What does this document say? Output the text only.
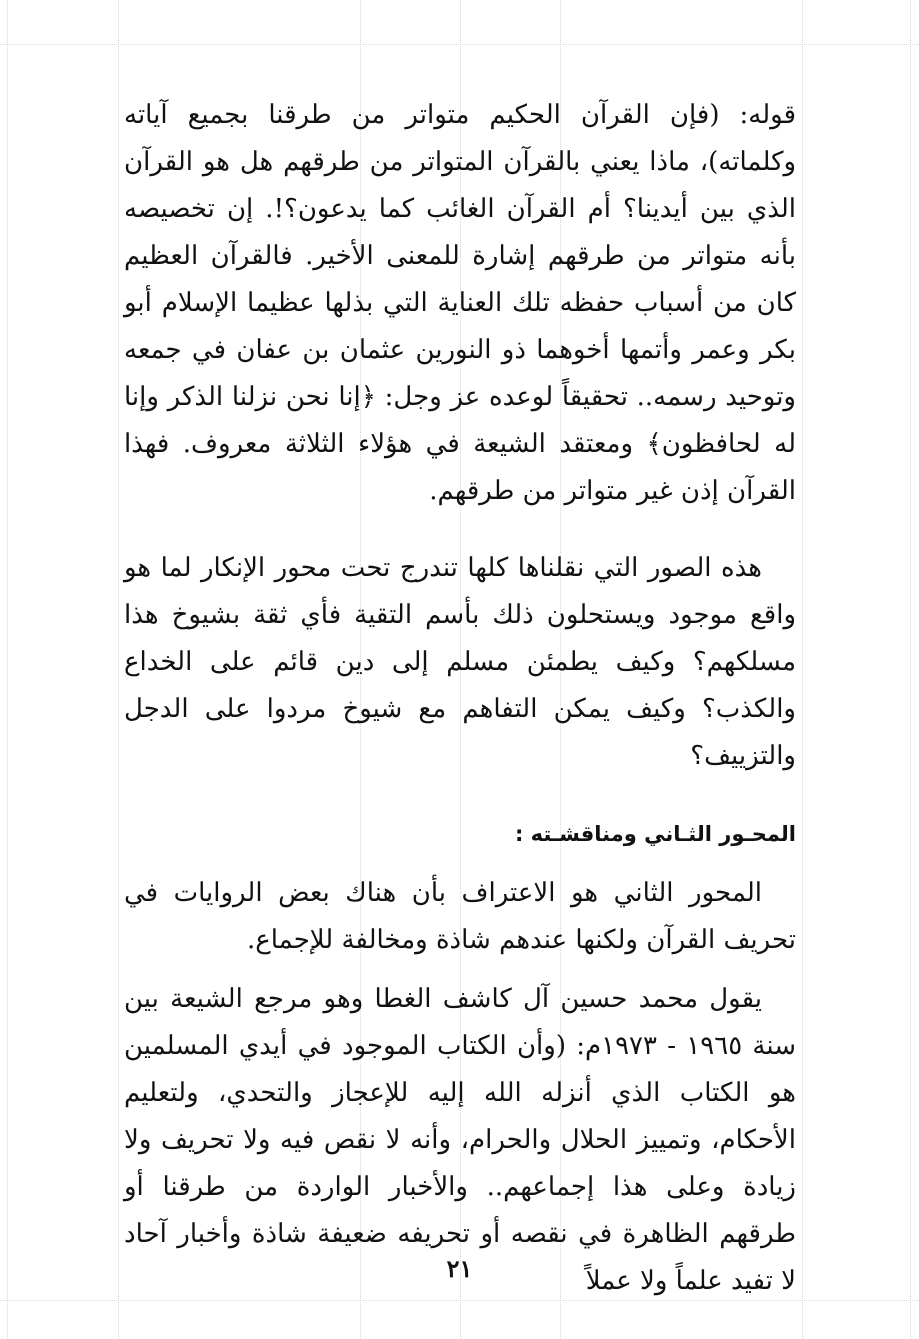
قوله: (فإن القرآن الحكيم متواتر من طرقنا بجميع آياته وكلماته)، ماذا يعني بالقرآن المتواتر من طرقهم هل هو القرآن الذي بين أيدينا؟ أم القرآن الغائب كما يدعون؟!. إن تخصيصه بأنه متواتر من طرقهم إشارة للمعنى الأخير. فالقرآن العظيم كان من أسباب حفظه تلك العناية التي بذلها عظيما الإسلام أبو بكر وعمر وأتمها أخوهما ذو النورين عثمان بن عفان في جمعه وتوحيد رسمه.. تحقيقاً لوعده عز وجل: ﴿إنا نحن نزلنا الذكر وإنا له لحافظون﴾ ومعتقد الشيعة في هؤلاء الثلاثة معروف. فهذا القرآن إذن غير متواتر من طرقهم.

هذه الصور التي نقلناها كلها تندرج تحت محور الإنكار لما هو واقع موجود ويستحلون ذلك بأسم التقية فأي ثقة بشيوخ هذا مسلكهم؟ وكيف يطمئن مسلم إلى دين قائم على الخداع والكذب؟ وكيف يمكن التفاهم مع شيوخ مردوا على الدجل والتزييف؟

المحـور الثـاني ومناقشـته :

المحور الثاني هو الاعتراف بأن هناك بعض الروايات في تحريف القرآن ولكنها عندهم شاذة ومخالفة للإجماع.

يقول محمد حسين آل كاشف الغطا وهو مرجع الشيعة بين سنة ١٩٦٥ - ١٩٧٣م: (وأن الكتاب الموجود في أيدي المسلمين هو الكتاب الذي أنزله الله إليه للإعجاز والتحدي، ولتعليم الأحكام، وتمييز الحلال والحرام، وأنه لا نقص فيه ولا تحريف ولا زيادة وعلى هذا إجماعهم.. والأخبار الواردة من طرقنا أو طرقهم الظاهرة في نقصه أو تحريفه ضعيفة شاذة وأخبار آحاد لا تفيد علماً ولا عملاً

٢١
